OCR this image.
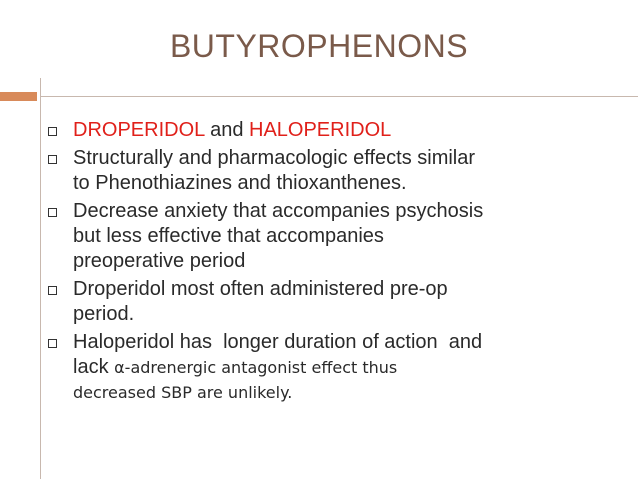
BUTYROPHENONS
DROPERIDOL and HALOPERIDOL
Structurally and pharmacologic effects similar
to Phenothiazines and thioxanthenes.
Decrease anxiety that accompanies psychosis
but less effective that accompanies
preoperative period
Droperidol most often administered pre-op
period.
Haloperidol has  longer duration of action  and
lack α-adrenergic antagonist effect thus
decreased SBP are unlikely.
